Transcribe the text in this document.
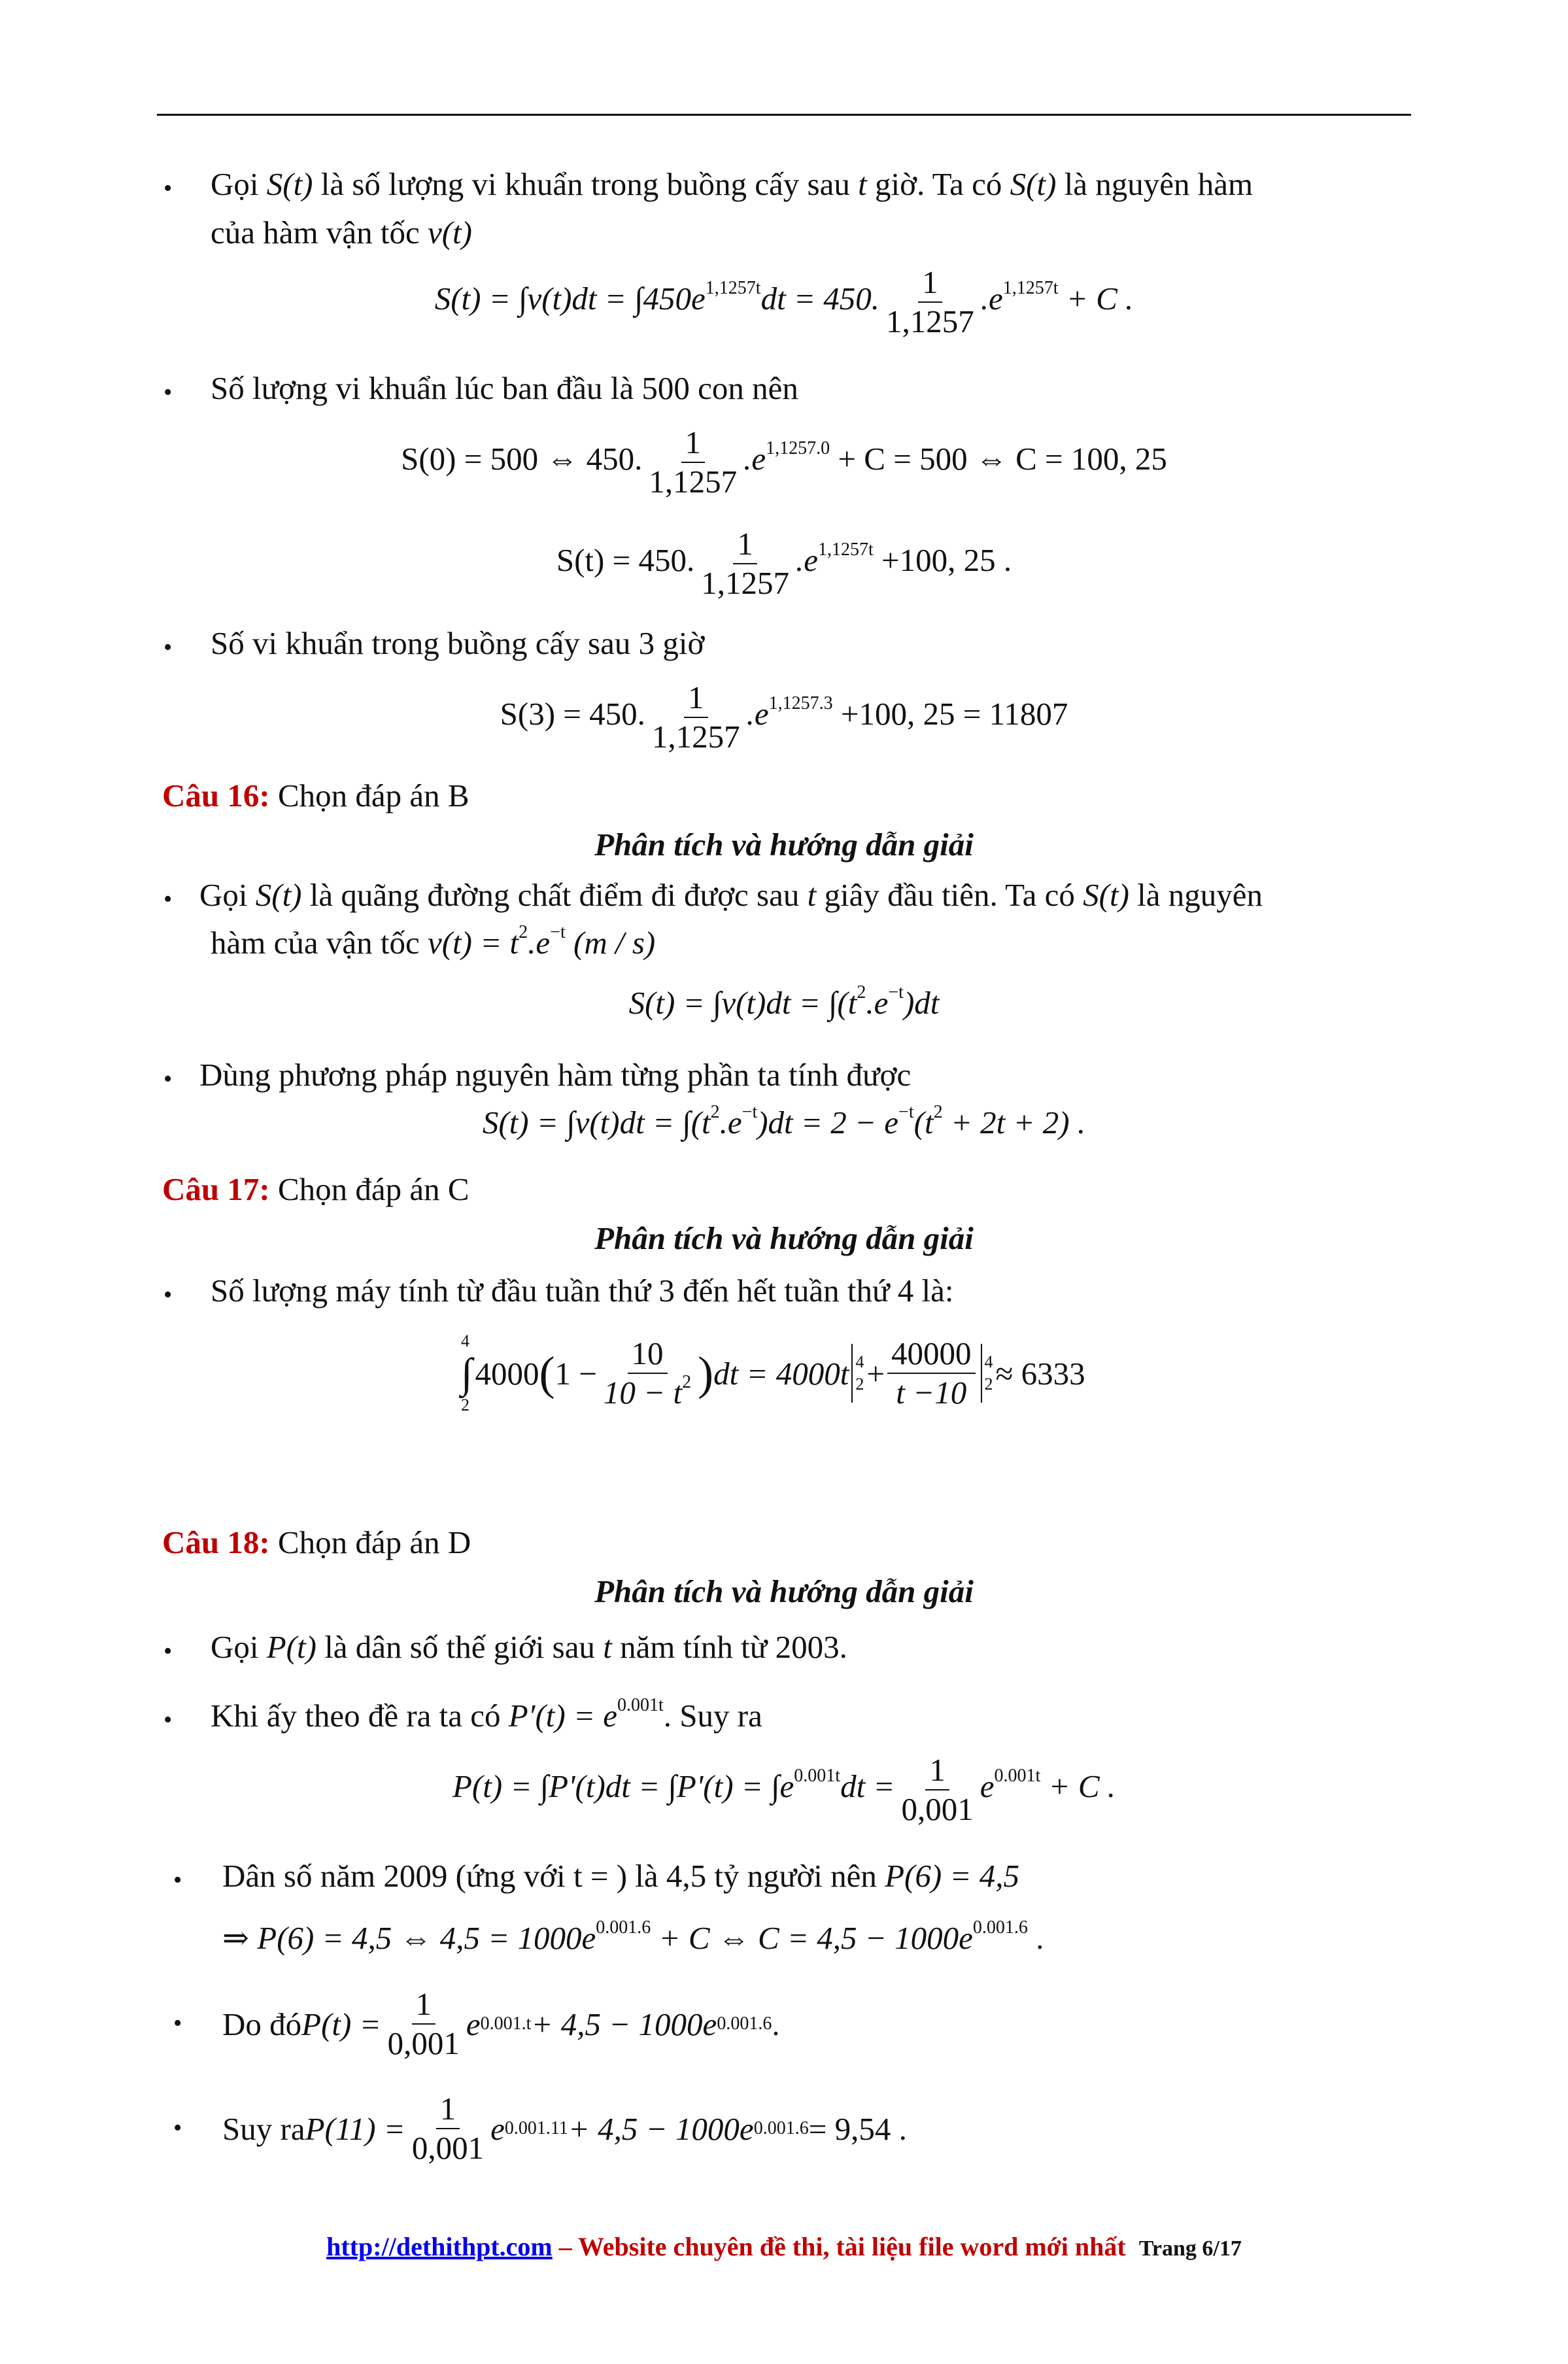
• Gọi S(t) là số lượng vi khuẩn trong buồng cấy sau t giờ. Ta có S(t) là nguyên hàm
của hàm vận tốc v(t)
$S(t) = \int v(t)dt = \int 450e^{1,1257t}dt = 450$. $\frac{1}{1,1257} .e^{1,1257t} + C$ .
• Số lượng vi khuẩn lúc ban đầu là 500 con nên
S(0) = 500 ⇔ 450. $\frac{1}{1,1257} .e^{1,1257.0} + C = 500$ ⇔ C = 100, 25
S(t) = 450. $\frac{1}{1,1257} .e^{1,1257t} +100$, 25 .
• Số vi khuẩn trong buồng cấy sau 3 giờ
S(3) = 450. $\frac{1}{1,1257} .e^{1,1257.3} +100$, 25 = 11807
Câu 16: Chọn đáp án B
Phân tích và hướng dẫn giải
• Gọi S(t) là quãng đường chất điểm đi được sau t giây đầu tiên. Ta có S(t) là nguyên
hàm của vận tốc $v(t) = t^2.e^{-t}$ (m / s)
$S(t) = \int v(t)dt = \int(t^2.e^{-t})dt$
• Dùng phương pháp nguyên hàm từng phần ta tính được
$S(t) = \int v(t)dt = \int(t^2.e^{-t})dt = 2 - e^{-t}(t^2 + 2t + 2)$ .
Câu 17: Chọn đáp án C
Phân tích và hướng dẫn giải
• Số lượng máy tính từ đầu tuần thứ 3 đến hết tuần thứ 4 là:
4
∫
2
4000 ( $1 - \frac{10}{10 - t^2}$ ) dt = 4000t 4
$2 + \frac{40000}{t -10} 4$
2 ≈ 6333
Câu 18: Chọn đáp án D
Phân tích và hướng dẫn giải
• Gọi P(t) là dân số thế giới sau t năm tính từ 2003.
• Khi ấy theo đề ra ta có $P'(t) = e^{0.001t}$. Suy ra
$P(t) = \int P'(t)dt = \int P'(t) = \int e^{0.001t}dt = \frac{1}{0,001} e^{0.001t} + C$ .
• Dân số năm 2009 (ứng với t = ) là 4,5 tỷ người nên P(6) = 4,5
⇒ P(6) = 4,5 ⇔ $4,5 = 1000e^{0.001.6} + C$ ⇔ $C = 4,5 - 1000e^{0.001.6}$ .
• Do đó $P(t) = \frac{1}{0,001}$ e 0.001.t + 4,5 − 1000e 0.001.6 .
• Suy ra $P(11) = \frac{1}{0,001}$ e 0.001.11 + 4,5 − 1000e 0.001.6 = 9,54 .
http://dethithpt.com – Website chuyên đề thi, tài liệu file word mới nhất Trang 6/17
